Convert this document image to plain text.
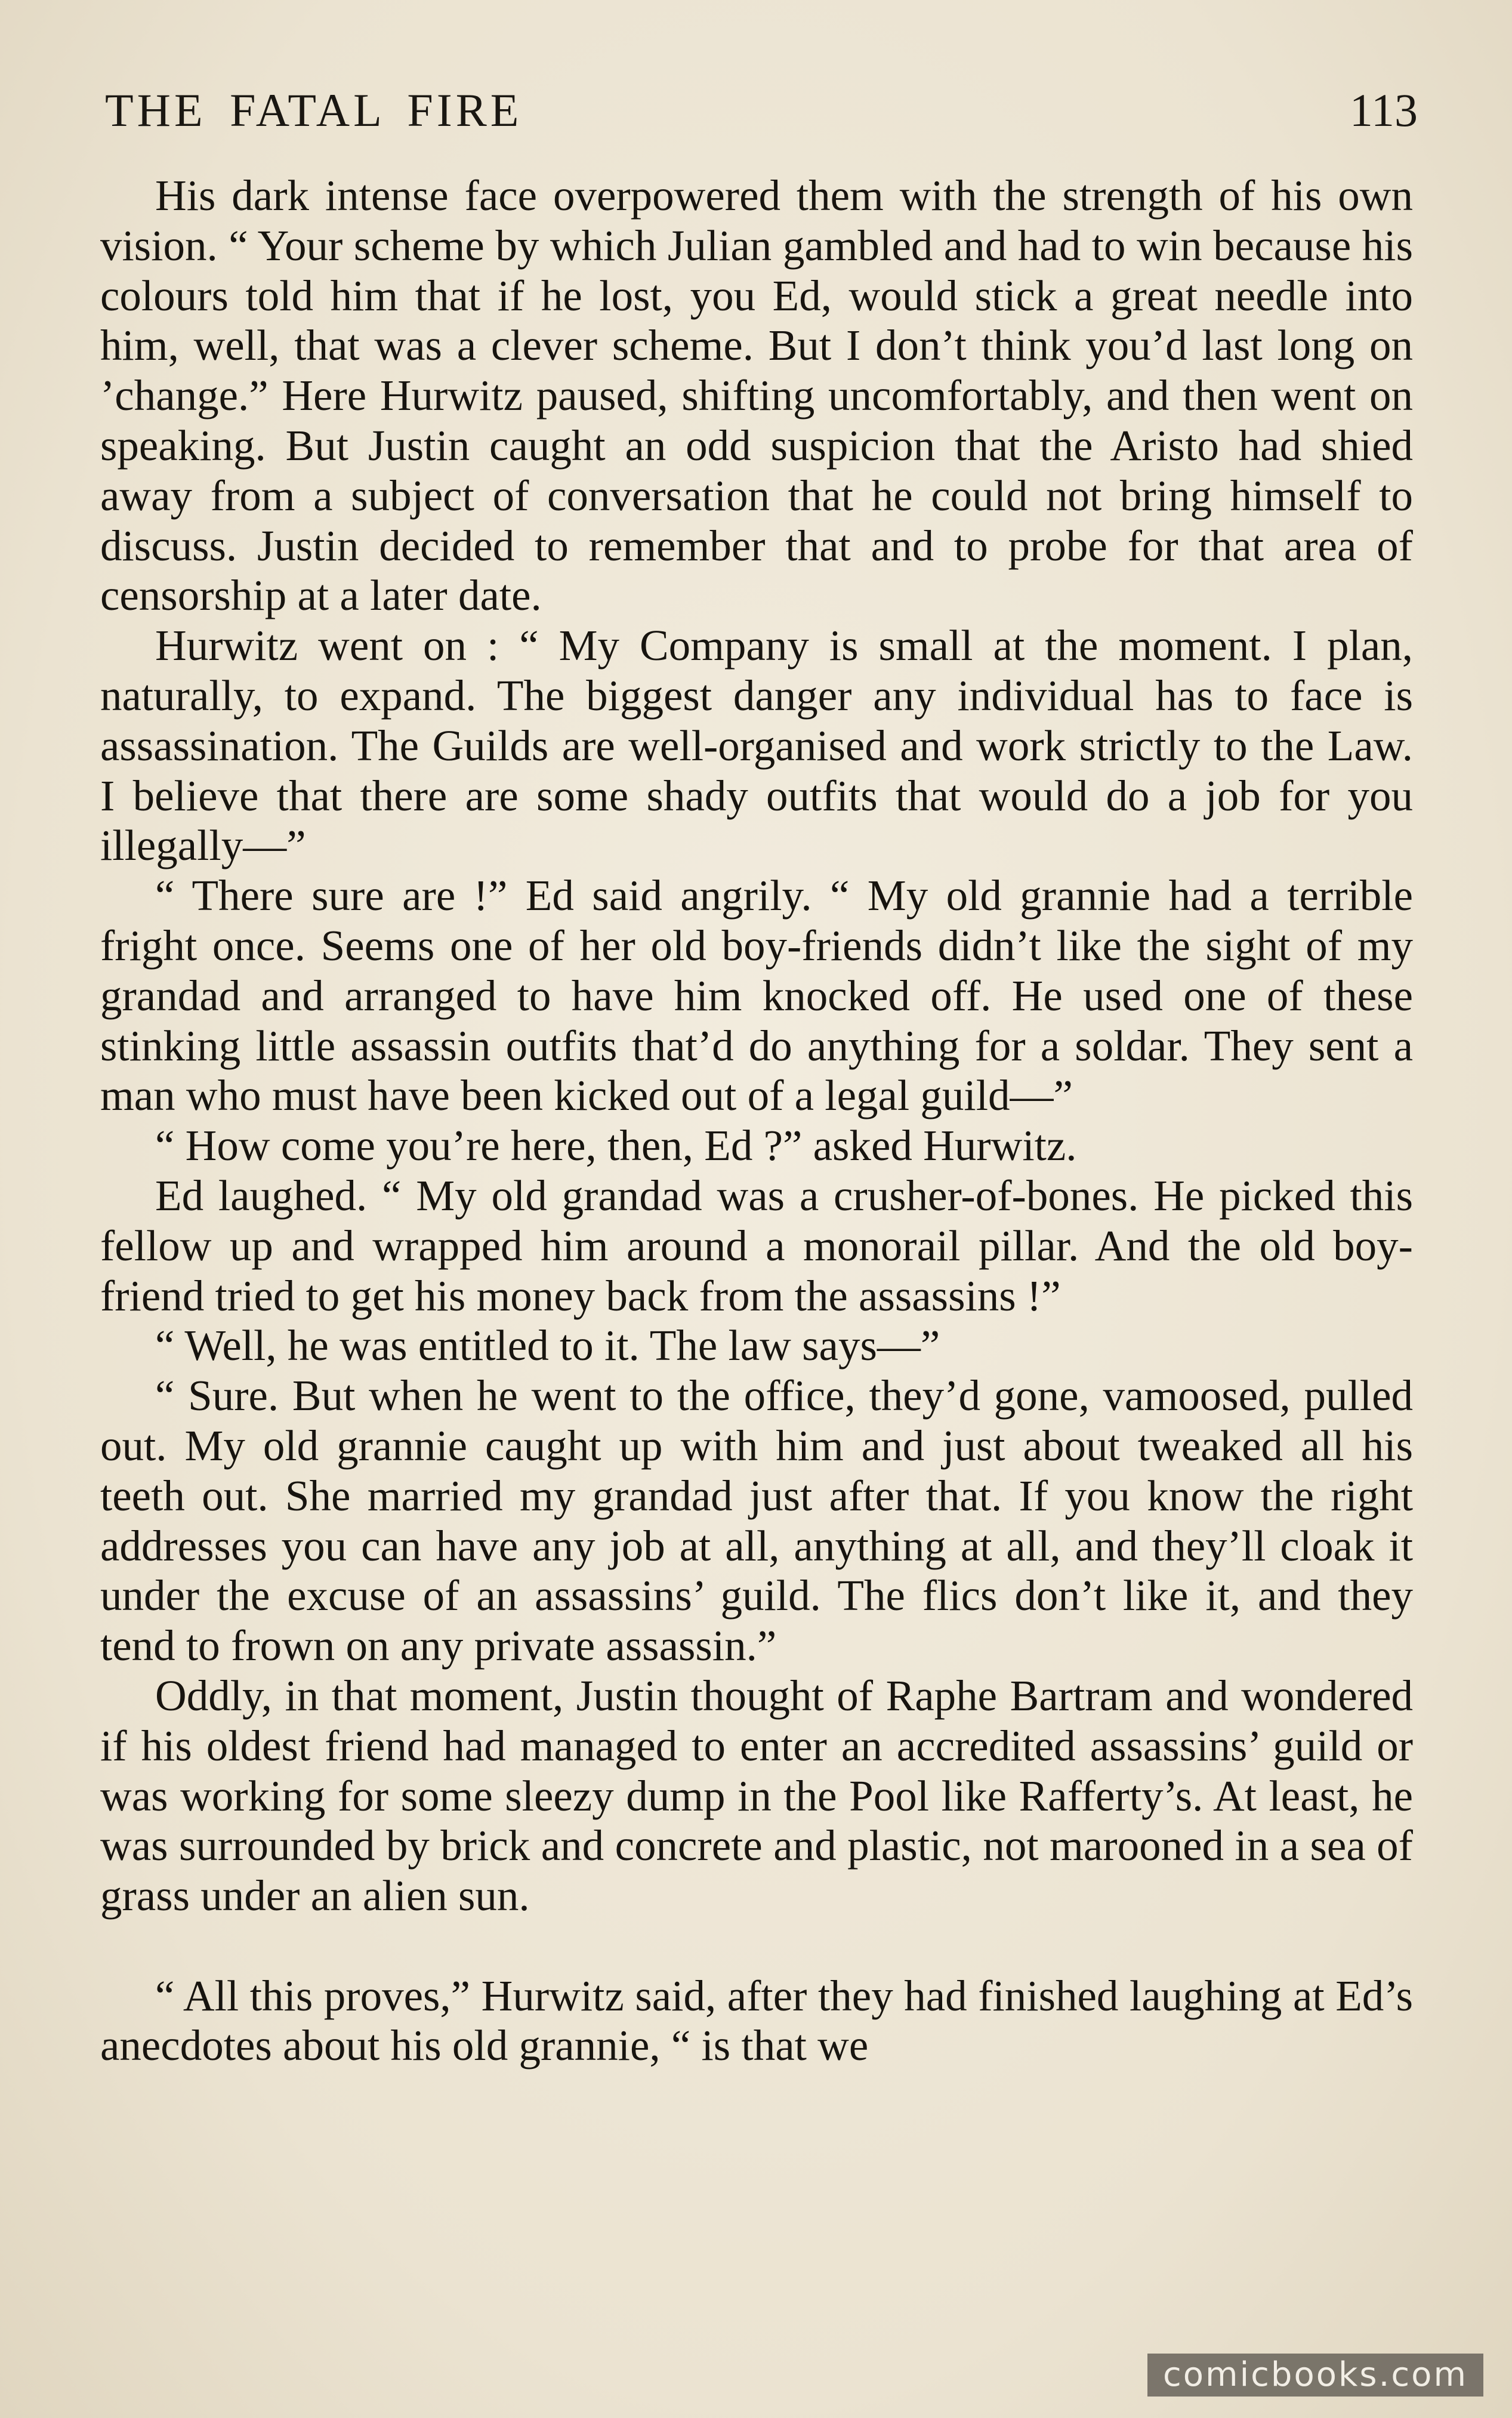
THE FATAL FIRE	113

His dark intense face overpowered them with the strength of his own vision. “ Your scheme by which Julian gambled and had to win because his colours told him that if he lost, you Ed, would stick a great needle into him, well, that was a clever scheme. But I don’t think you’d last long on ’change.” Here Hurwitz paused, shifting uncomfortably, and then went on speaking. But Justin caught an odd suspicion that the Aristo had shied away from a subject of conversation that he could not bring himself to discuss. Justin decided to remember that and to probe for that area of censorship at a later date.

Hurwitz went on : “ My Company is small at the moment. I plan, naturally, to expand. The biggest danger any individual has to face is assassination. The Guilds are well-organised and work strictly to the Law. I believe that there are some shady outfits that would do a job for you illegally—”

“ There sure are !” Ed said angrily. “ My old grannie had a terrible fright once. Seems one of her old boy-friends didn’t like the sight of my grandad and arranged to have him knocked off. He used one of these stinking little assassin outfits that’d do anything for a soldar. They sent a man who must have been kicked out of a legal guild—”

“ How come you’re here, then, Ed ?” asked Hurwitz.

Ed laughed. “ My old grandad was a crusher-of-bones. He picked this fellow up and wrapped him around a monorail pillar. And the old boy-friend tried to get his money back from the assassins !”

“ Well, he was entitled to it. The law says—”

“ Sure. But when he went to the office, they’d gone, vamoosed, pulled out. My old grannie caught up with him and just about tweaked all his teeth out. She married my grandad just after that. If you know the right addresses you can have any job at all, anything at all, and they’ll cloak it under the excuse of an assassins’ guild. The flics don’t like it, and they tend to frown on any private assassin.”

Oddly, in that moment, Justin thought of Raphe Bartram and wondered if his oldest friend had managed to enter an accredited assassins’ guild or was working for some sleezy dump in the Pool like Rafferty’s. At least, he was surrounded by brick and concrete and plastic, not marooned in a sea of grass under an alien sun.

“ All this proves,” Hurwitz said, after they had finished laughing at Ed’s anecdotes about his old grannie, “ is that we

comicbooks.com
